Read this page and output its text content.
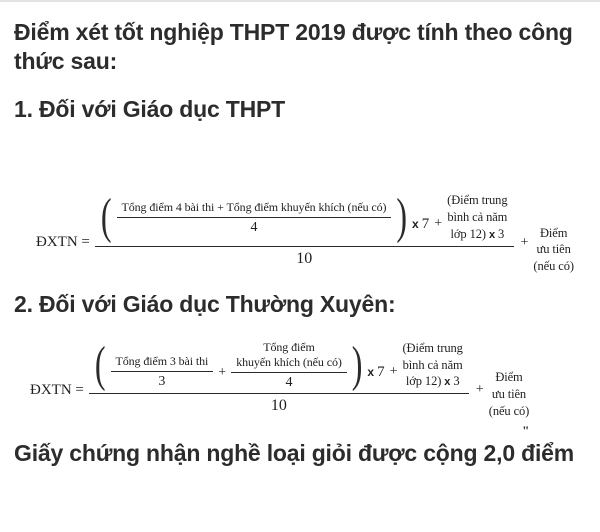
Điểm xét tốt nghiệp THPT 2019 được tính theo công thức sau:
1. Đối với Giáo dục THPT
ĐXTN = ( Tổng điểm 4 bài thi + Tổng điểm khuyến khích (nếu có)
4	) x 7 +
(Điểm trung
bình cả năm
lớp 12) x 3
10
+
Điểm
ưu tiên
(nếu có)
2. Đối với Giáo dục Thường Xuyên:
ĐXTN = ( Tổng điểm 3 bài thi
3
+
Tổng điểm
khuyến khích (nếu có)
4 ) x 7 +
(Điểm trung
bình cả năm
lớp 12) x 3
10
+
Điểm
ưu tiên
(nếu có)
"
Giấy chứng nhận nghề loại giỏi được cộng 2,0 điểm
